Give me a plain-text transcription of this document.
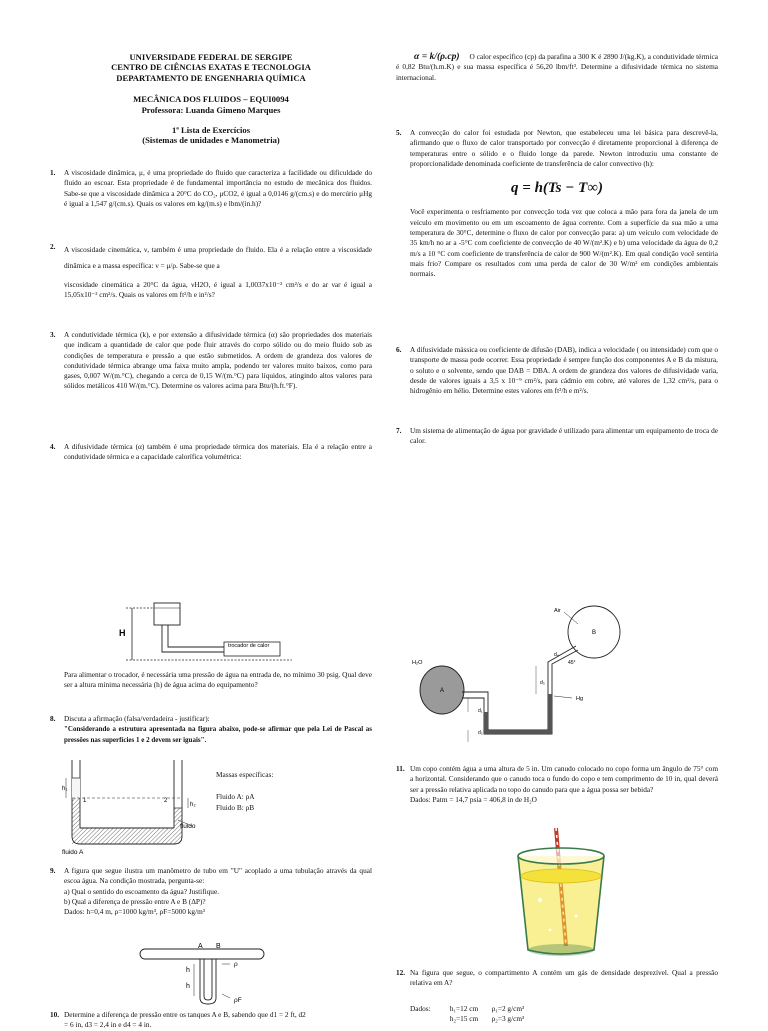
UNIVERSIDADE FEDERAL DE SERGIPE
CENTRO DE CIÊNCIAS EXATAS E TECNOLOGIA
DEPARTAMENTO DE ENGENHARIA QUÍMICA
MECÂNICA DOS FLUIDOS – EQUI0094
Professora: Luanda Gimeno Marques
1ª Lista de Exercícios
(Sistemas de unidades e Manometria)
1. A viscosidade dinâmica, μ, é uma propriedade do fluido que caracteriza a facilidade ou dificuldade do fluido ao escoar. Esta propriedade é de fundamental importância no estudo de mecânica dos fluidos. Sabe-se que a viscosidade dinâmica a 20°C do CO₂, μCO2, é igual a 0,0146 g/(cm.s) e do mercúrio μHg é igual a 1,547 g/(cm.s). Quais os valores em kg/(m.s) e lbm/(in.h)?
2. A viscosidade cinemática, ν, também é uma propriedade do fluido. Ela é a relação entre a viscosidade dinâmica e a massa específica: ν = μ/ρ. Sabe-se que a
viscosidade cinemática a 20°C da água, νH2O, é igual a 1,0037x10⁻² cm²/s e do ar νar é igual a 15,05x10⁻² cm²/s. Quais os valores em ft²/h e in²/s?
3. A condutividade térmica (k), e por extensão a difusividade térmica (α) são propriedades dos materiais que indicam a quantidade de calor que pode fluir através do corpo sólido ou do meio fluido sob as condições de temperatura e pressão a que estão submetidos. A ordem de grandeza dos valores de condutividade térmica abrange uma faixa muito ampla, podendo ter valores muito baixos, como para gases, 0,007 W/(m.°C), chegando a cerca de 0,15 W/(m.°C) para líquidos, atingindo altos valores para sólidos metálicos 410 W/(m.°C). Determine os valores acima para Btu/(h.ft.°F).
4. A difusividade térmica (α) também é uma propriedade térmica dos materiais. Ela é a relação entre a condutividade térmica e a capacidade calorífica volumétrica:
α = k/(ρ.cp) O calor específico (cp) da parafina a 300 K é 2890 J/(kg.K), a condutividade térmica é 0,82 Btu/(h.m.K) e sua massa específica é 56,20 lbm/ft³. Determine a difusividade térmica no sistema internacional.
5. A convecção do calor foi estudada por Newton, que estabeleceu uma lei básica para descrevê-la, afirmando que o fluxo de calor transportado por convecção é diretamente proporcional à diferença de temperaturas entre o sólido e o fluido longe da parede. Newton introduziu uma constante de proporcionalidade denominada coeficiente de transferência de calor convectivo (h):
q = h(Ts − T∞)
Você experimenta o resfriamento por convecção toda vez que coloca a mão para fora da janela de um veículo em movimento ou em um escoamento de água corrente. Com a superfície da sua mão a uma temperatura de 30°C, determine o fluxo de calor por convecção para: a) um veículo com velocidade de 35 km/h no ar a -5°C com coeficiente de convecção de 40 W/(m².K) e b) uma velocidade da água de 0,2 m/s a 10 °C com coeficiente de transferência de calor de 900 W/(m².K). Em qual condição você sentiria mais frio? Compare os resultados com uma perda de calor de 30 W/m² em condições ambientais normais.
6. A difusividade mássica ou coeficiente de difusão (DAB), indica a velocidade ( ou intensidade) com que o transporte de massa pode ocorrer. Essa propriedade é sempre função dos componentes A e B da mistura, o soluto e o solvente, sendo que DAB = DBA. A ordem de grandeza dos valores de difusividade varia, desde de valores iguais a 3,5 x 10⁻⁹ cm²/s, para cádmio em cobre, até valores de 1,32 cm²/s, para o hidrogênio em hélio. Determine estes valores em ft²/h e m²/s.
7. Um sistema de alimentação de água por gravidade é utilizado para alimentar um equipamento de troca de calor.
H
trocador de calor
Para alimentar o trocador, é necessária uma pressão de água na entrada de, no mínimo 30 psig. Qual deve ser a altura mínima necessária (h) de água acima do equipamento?
8. Discuta a afirmação (falsa/verdadeira - justificar):
"Considerando a estrutura apresentada na figura abaixo, pode-se afirmar que pela Lei de Pascal as pressões nas superfícies 1 e 2 devem ser iguais".
h₁
1	2
h₂
fluido
fluido A
Massas específicas:
Fluido A: ρA
Fluido B: ρB
9. A figura que segue ilustra um manômetro de tubo em "U" acoplado a uma tubulação através da qual escoa água. Na condição mostrada, pergunta-se:
a) Qual o sentido do escoamento da água? Justifique.
b) Qual a diferença de pressão entre A e B (ΔP)?
Dados: h=0,4 m, ρ=1000 kg/m³, ρF=5000 kg/m³
A B
ρ
ρF
h
h
10. Determine a diferença de pressão entre os tanques A e B, sabendo que d1 = 2 ft, d2
= 6 in, d3 = 2,4 in e d4 = 4 in.
B
Air
A
H₂O
Hg
45°
d₁
d₂
d₃
d₄
11. Um copo contém água a uma altura de 5 in. Um canudo colocado no copo forma um ângulo de 75° com a horizontal. Considerando que o canudo toca o fundo do copo e tem comprimento de 10 in, qual deverá ser a pressão relativa aplicada no topo do canudo para que a água possa ser bebida?
Dados: Patm = 14,7 psia = 406,8 in de H₂O
12. Na figura que segue, o compartimento A contém um gás de densidade desprezível. Qual a pressão relativa em A?
Dados:	h₁=12 cm ρ₁=2 g/cm³
h₂=15 cm ρ₂=3 g/cm³
